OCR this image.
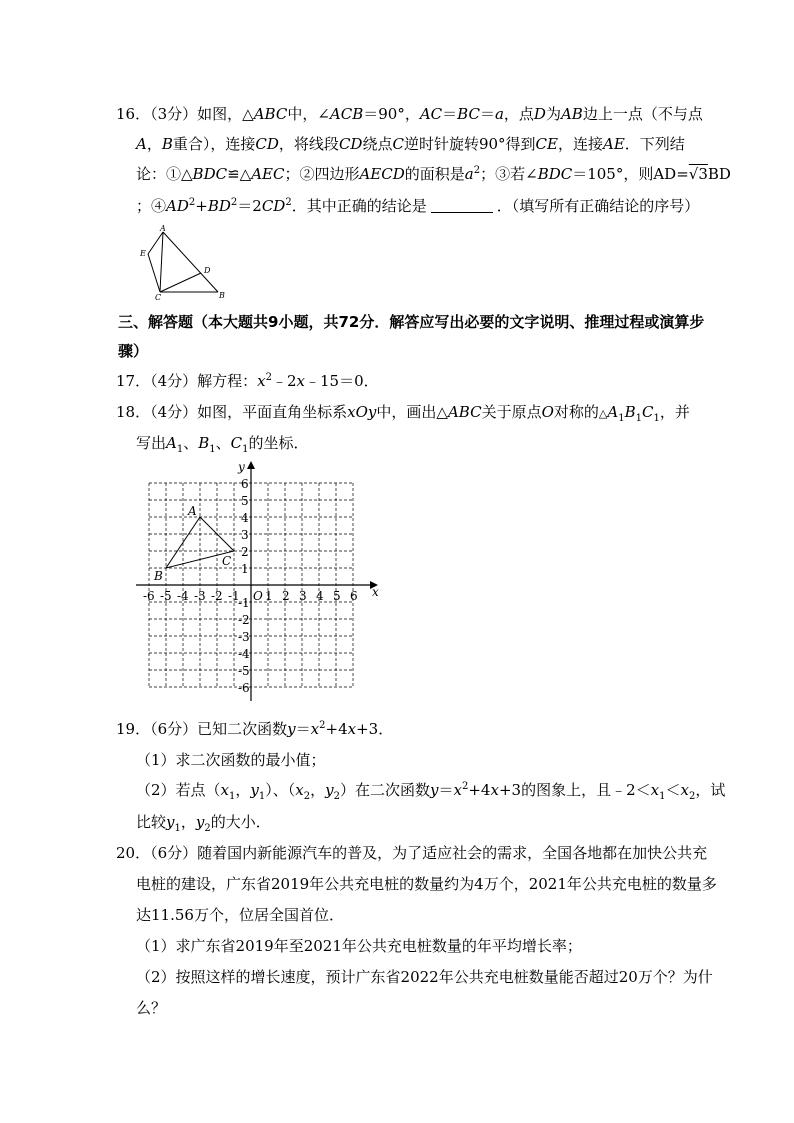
16．（3分）如图，△ABC中，∠ACB＝90°，AC＝BC＝a，点D为AB边上一点（不与点
A，B重合），连接CD，将线段CD绕点C逆时针旋转90°得到CE，连接AE．下列结
论：①△BDC≌△AEC；②四边形AECD的面积是$a^2$；③若∠BDC＝105°，则AD=√3BD
；$④AD^2+BD^2=2CD^2$．其中正确的结论是	．（填写所有正确结论的序号）
A
E
D
C	B
三、解答题（本大题共9小题，共72分．解答应写出必要的文字说明、推理过程或演算步
骤）
17．（4分）解方程：$x^2﹣2x﹣15=0$．
18．（4分）如图，平面直角坐标系xOy中，画出△ABC关于原点O对称的$\triangle A_1B_1C_1$，并
写出$A_1$、$B_1$、$C_1$的坐标．
x
y
O
-6 -5 -4 -3 -2 -1 1 2 3 4 5 6
6
5
4
3
2
1
-1
-2
-3
-4
-5
-6
A
B
C
19．（6分）已知二次函数$y=x^2+4x+3$．
（1）求二次函数的最小值；
（2）若点（$x_1$，$y_1$）、（$x_2$，$y_2$）在二次函数$y=x^2+4x+3$的图象上，且$﹣2<x_1<x_2$，试
比较$y_1$，$y_2$的大小．
20．（6分）随着国内新能源汽车的普及，为了适应社会的需求，全国各地都在加快公共充
电桩的建设，广东省2019年公共充电桩的数量约为4万个，2021年公共充电桩的数量多
达11.56万个，位居全国首位．
（1）求广东省2019年至2021年公共充电桩数量的年平均增长率；
（2）按照这样的增长速度，预计广东省2022年公共充电桩数量能否超过20万个？为什
么？
